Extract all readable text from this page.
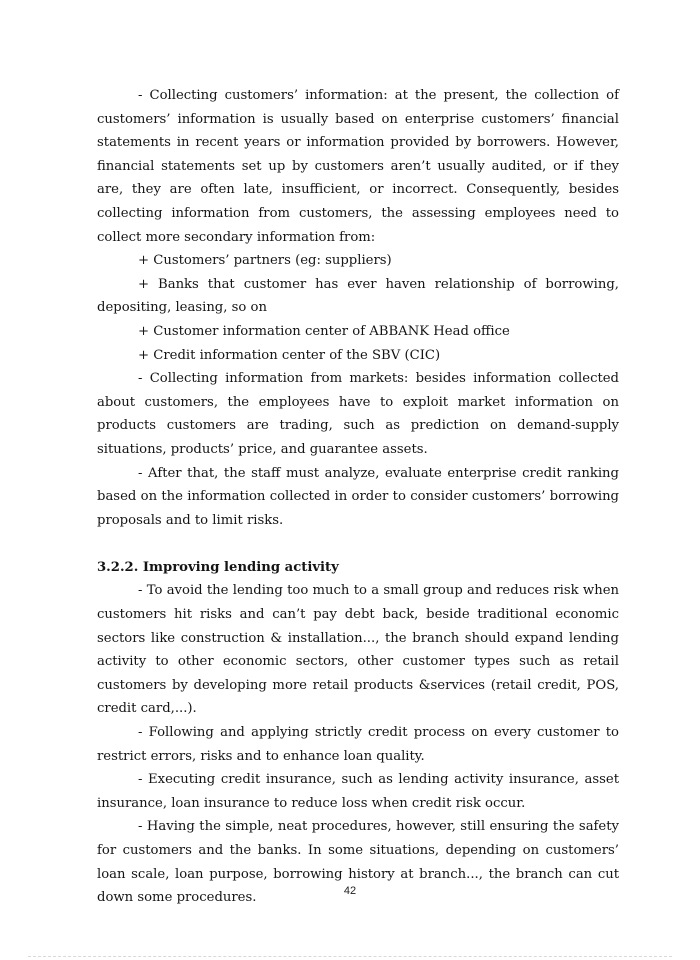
- Collecting customers’ information: at the present, the collection of customers’ information is usually based on enterprise customers’ financial statements in recent years or information provided by borrowers. However, financial statements set up by customers aren’t usually audited, or if they are, they are often late, insufficient, or incorrect. Consequently, besides collecting information from customers, the assessing employees need to collect more secondary information from:

+ Customers’ partners (eg: suppliers)

+ Banks that customer has ever haven relationship of borrowing, depositing, leasing, so on

+ Customer information center of ABBANK Head office

+ Credit information center of the SBV (CIC)

- Collecting information from markets: besides information collected about customers, the employees have to exploit market information on products customers are trading, such as prediction on demand-supply situations, products’ price, and guarantee assets.

- After that, the staff must analyze, evaluate enterprise credit ranking based on the information collected in order to consider customers’ borrowing proposals and to limit risks.

3.2.2. Improving lending activity

- To avoid the lending too much to a small group and reduces risk when customers hit risks and can’t pay debt back, beside traditional economic sectors like construction & installation..., the branch should expand lending activity to other economic sectors, other customer types such as retail customers by developing more retail products &services (retail credit, POS, credit card,...).

- Following and applying strictly credit process on every customer to restrict errors, risks and to enhance loan quality.

- Executing credit insurance, such as lending activity insurance, asset insurance, loan insurance to reduce loss when credit risk occur.

- Having the simple, neat procedures, however, still ensuring the safety for customers and the banks. In some situations, depending on customers’ loan scale, loan purpose, borrowing history at branch..., the branch can cut down some procedures.	42
